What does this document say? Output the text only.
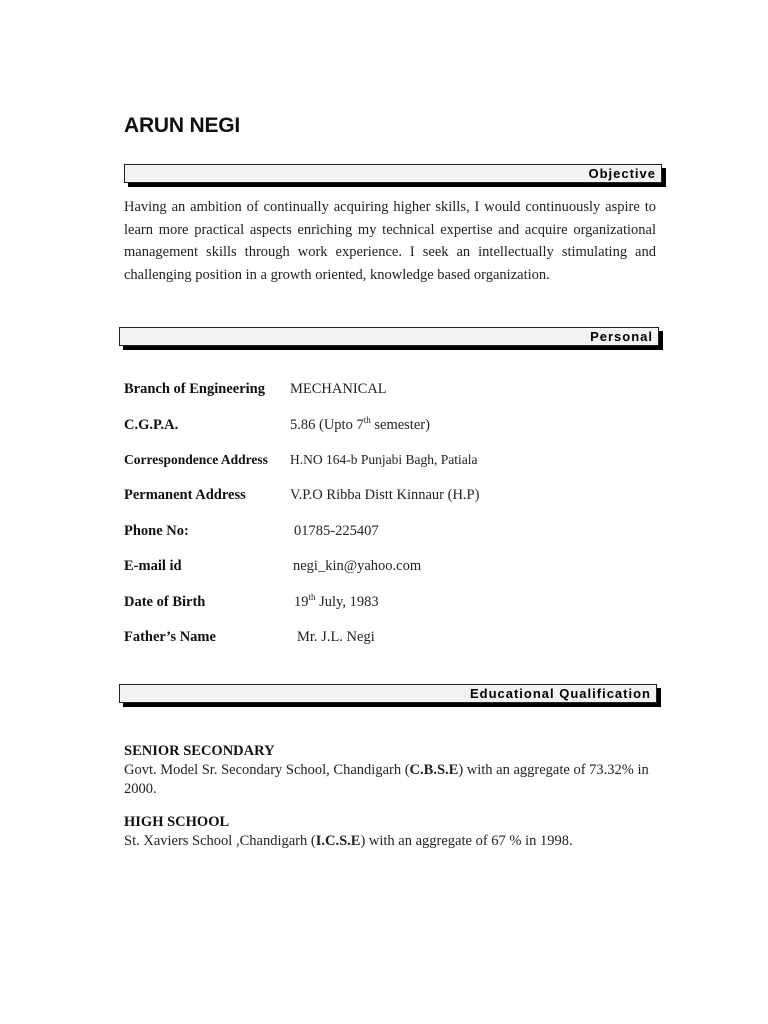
ARUN NEGI
Objective
Having an ambition of continually acquiring higher skills, I would continuously aspire to learn more practical aspects enriching my technical expertise and acquire organizational management skills through work experience. I seek an intellectually stimulating and challenging position in a growth oriented, knowledge based organization.
Personal
Branch of Engineering MECHANICAL
C.G.P.A.	5.86 (Upto 7th semester)
Correspondence Address H.NO 164-b Punjabi Bagh, Patiala
Permanent Address	V.P.O Ribba Distt Kinnaur (H.P)
Phone No:	01785-225407
E-mail id	negi_kin@yahoo.com
Date of Birth	19th July, 1983
Father’s Name	Mr. J.L. Negi
Educational Qualification
SENIOR SECONDARY
Govt. Model Sr. Secondary School, Chandigarh (C.B.S.E) with an aggregate of 73.32% in 2000.
HIGH SCHOOL
St. Xaviers School ,Chandigarh (I.C.S.E) with an aggregate of 67 % in 1998.
